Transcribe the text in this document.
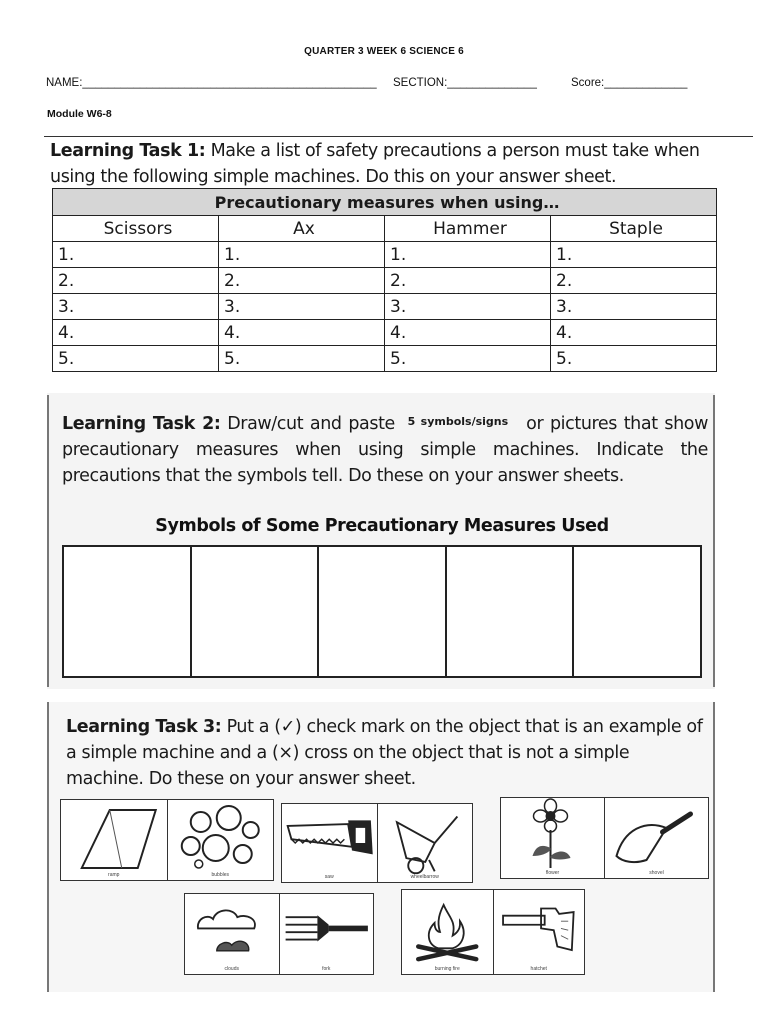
QUARTER 3 WEEK 6 SCIENCE 6
NAME:______________________________________________ SECTION:______________	Score:_____________
Module W6-8
Learning Task 1: Make a list of safety precautions a person must take when using the following simple machines. Do this on your answer sheet.
Precautionary measures when using…			
Scissors	Ax	Hammer	Staple
1.	1.	1.	1.
2.	2.	2.	2.
3.	3.	3.	3.
4.	4.	4.	4.
5.	5.	5.	5.
Learning Task 2: Draw/cut and paste $^{5 symbols/signs}$ or pictures that show precautionary measures when using simple machines. Indicate the precautions that the symbols tell. Do these on your answer sheets.
Symbols of Some Precautionary Measures Used
Learning Task 3: Put a (✓) check mark on the object that is an example of a simple machine and a (×) cross on the object that is not a simple machine. Do these on your answer sheet.
ramp	bubbles	saw	wheelbarrow
flower	shovel
clouds	fork	burning fire	hatchet
